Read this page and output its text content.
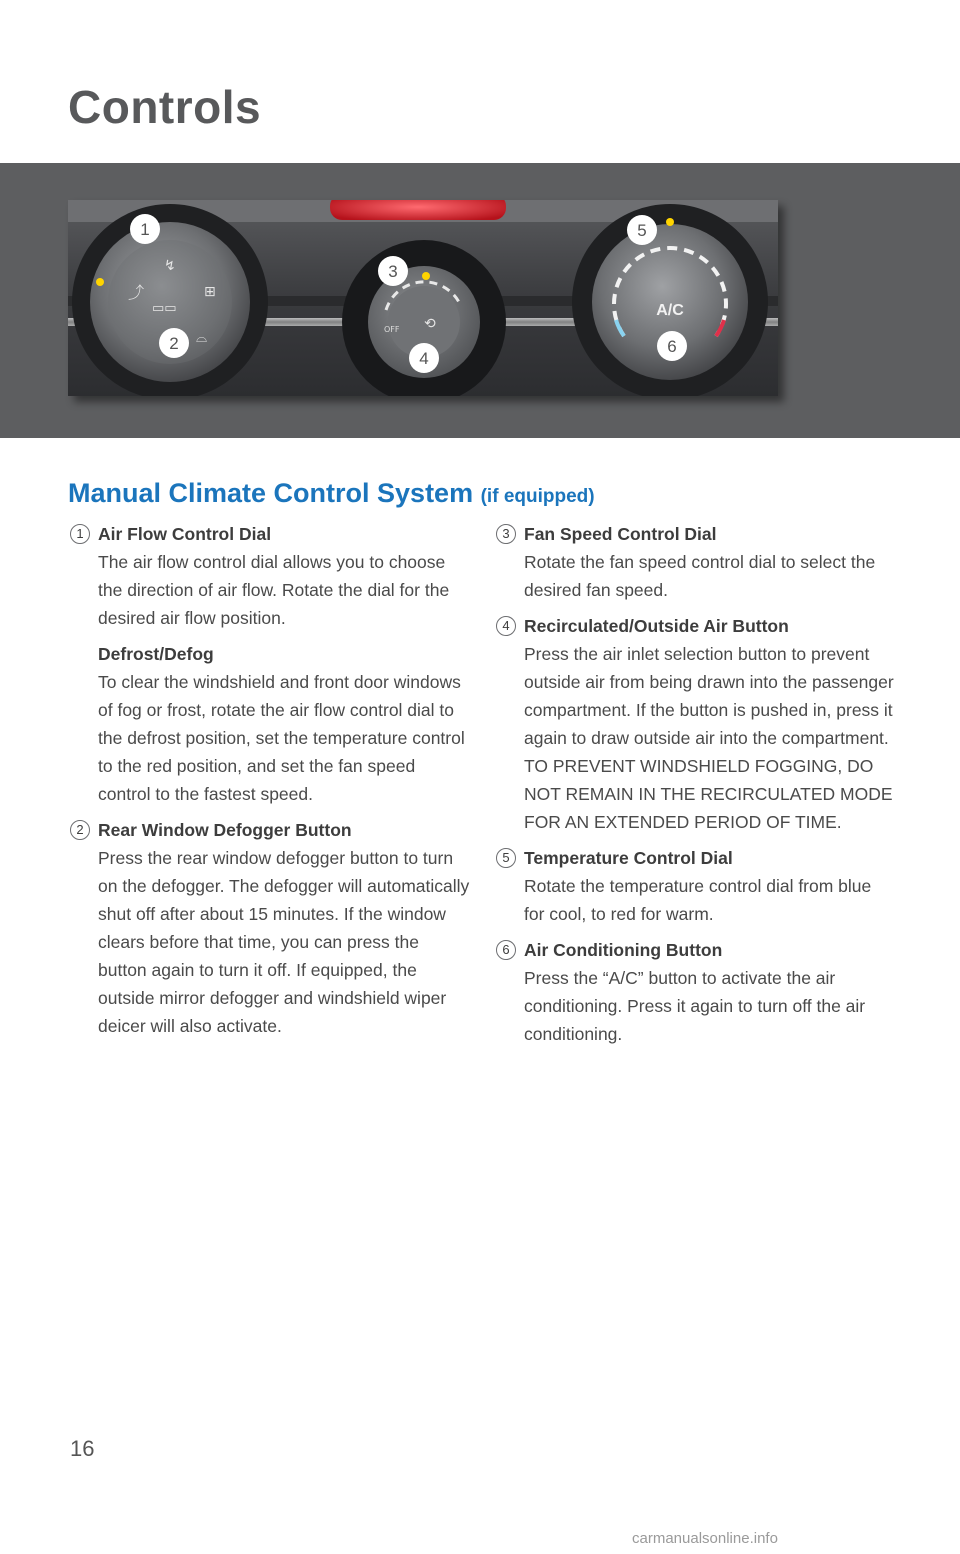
Controls
⤴
↯
⊞
▭▭
⌓
OFF ⟲
A/C
1
2
3
4
5
6
Manual Climate Control System (if equipped)
1 Air Flow Control Dial

The air flow control dial allows you to choose the direction of air flow. Rotate the dial for the desired air flow position.

Defrost/Defog

To clear the windshield and front door windows of fog or frost, rotate the air flow control dial to the defrost position, set the temperature control to the red position, and set the fan speed control to the fastest speed.

2 Rear Window Defogger Button

Press the rear window defogger button to turn on the defogger. The defogger will automatically shut off after about 15 minutes. If the window clears before that time, you can press the button again to turn it off. If equipped, the outside mirror defogger and windshield wiper deicer will also activate.

3 Fan Speed Control Dial

Rotate the fan speed control dial to select the desired fan speed.

4 Recirculated/Outside Air Button

Press the air inlet selection button to prevent outside air from being drawn into the passenger compartment. If the button is pushed in, press it again to draw outside air into the compartment. TO PREVENT WINDSHIELD FOGGING, DO NOT REMAIN IN THE RECIRCULATED MODE FOR AN EXTENDED PERIOD OF TIME.

5 Temperature Control Dial

Rotate the temperature control dial from blue for cool, to red for warm.

6 Air Conditioning Button

Press the “A/C” button to activate the air conditioning. Press it again to turn off the air conditioning.

16
carmanualsonline.info
